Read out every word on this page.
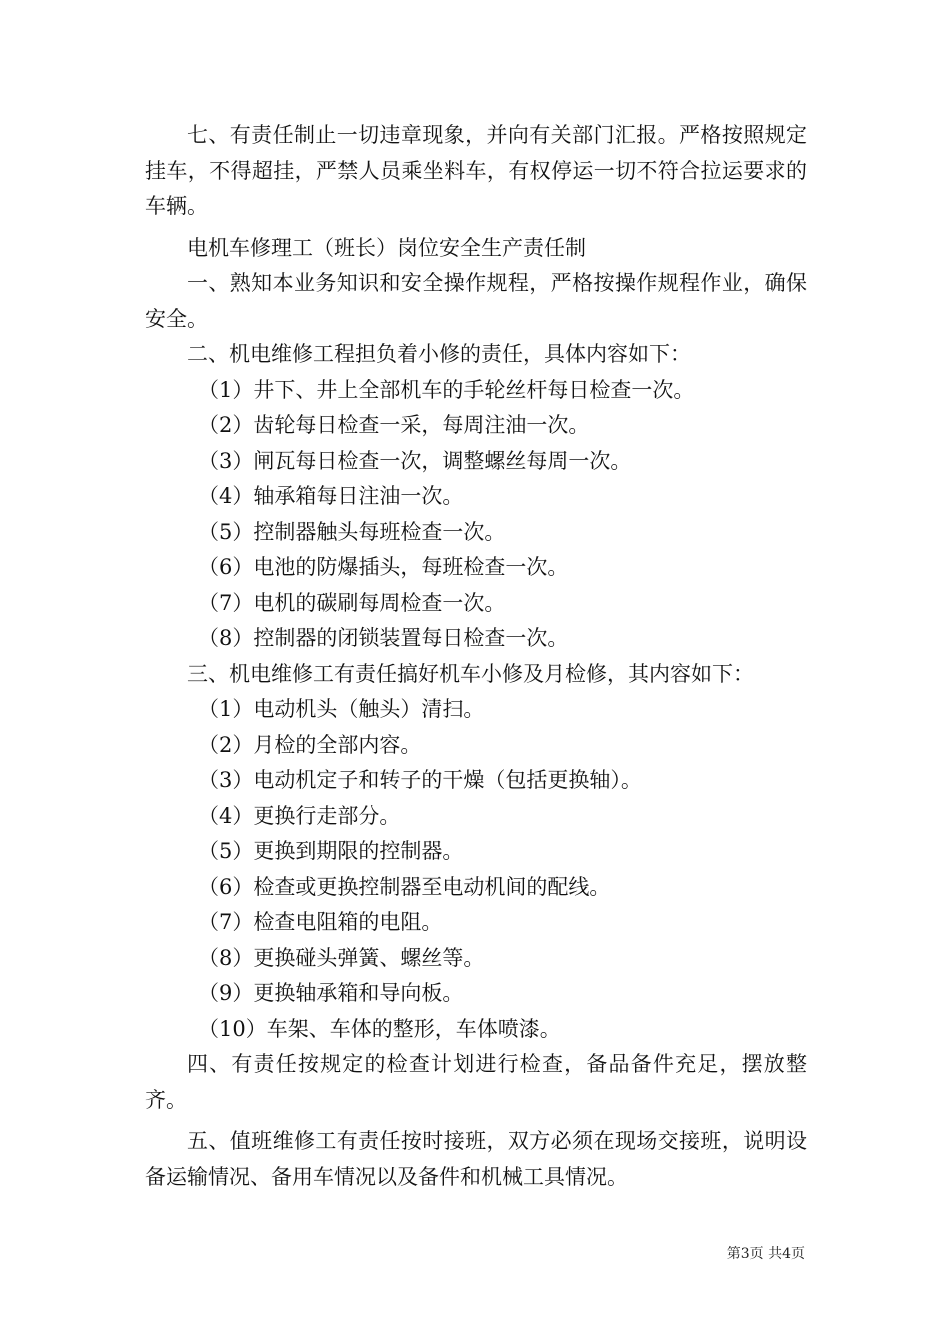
七、有责任制止一切违章现象，并向有关部门汇报。严格按照规定挂车，不得超挂，严禁人员乘坐料车，有权停运一切不符合拉运要求的车辆。

电机车修理工（班长）岗位安全生产责任制

一、熟知本业务知识和安全操作规程，严格按操作规程作业，确保安全。

二、机电维修工程担负着小修的责任，具体内容如下：

（1）井下、井上全部机车的手轮丝杆每日检查一次。

（2）齿轮每日检查一采，每周注油一次。

（3）闸瓦每日检查一次，调整螺丝每周一次。

（4）轴承箱每日注油一次。

（5）控制器触头每班检查一次。

（6）电池的防爆插头，每班检查一次。

（7）电机的碳刷每周检查一次。

（8）控制器的闭锁装置每日检查一次。

三、机电维修工有责任搞好机车小修及月检修，其内容如下：

（1）电动机头（触头）清扫。

（2）月检的全部内容。

（3）电动机定子和转子的干燥（包括更换轴）。

（4）更换行走部分。

（5）更换到期限的控制器。

（6）检查或更换控制器至电动机间的配线。

（7）检查电阻箱的电阻。

（8）更换碰头弹簧、螺丝等。

（9）更换轴承箱和导向板。

（10）车架、车体的整形，车体喷漆。

四、有责任按规定的检查计划进行检查，备品备件充足，摆放整齐。

五、值班维修工有责任按时接班，双方必须在现场交接班，说明设备运输情况、备用车情况以及备件和机械工具情况。

第3页 共4页
